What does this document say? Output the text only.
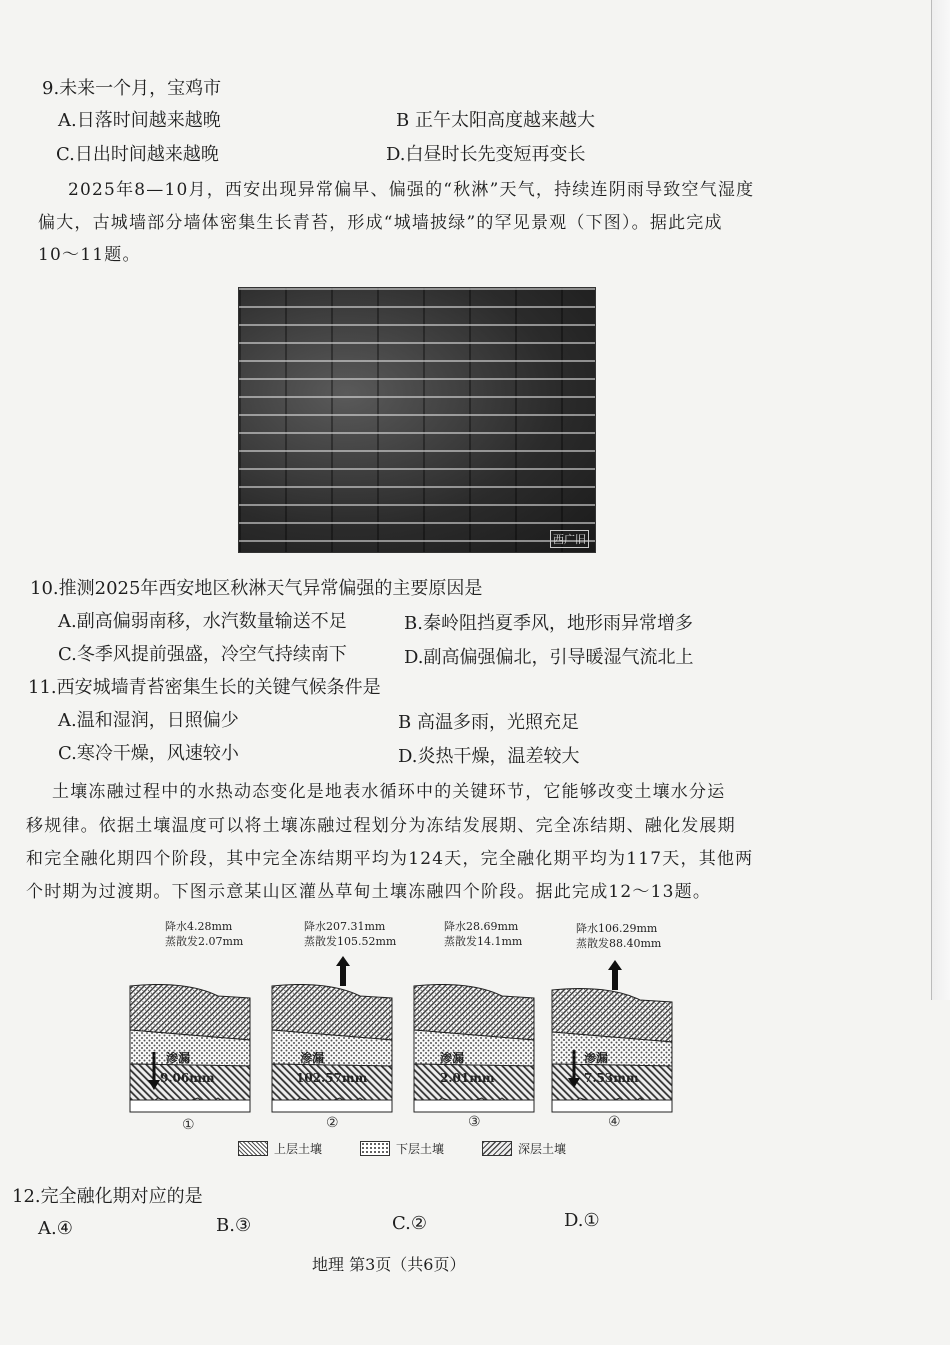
9.未来一个月，宝鸡市
A.日落时间越来越晚	B 正午太阳高度越来越大
C.日出时间越来越晚	D.白昼时长先变短再变长
2025年8—10月，西安出现异常偏早、偏强的“秋淋”天气，持续连阴雨导致空气湿度
偏大，古城墙部分墙体密集生长青苔，形成“城墙披绿”的罕见景观（下图）。据此完成
10～11题。
西广旧
10.推测2025年西安地区秋淋天气异常偏强的主要原因是
A.副高偏弱南移，水汽数量输送不足	B.秦岭阻挡夏季风，地形雨异常增多
C.冬季风提前强盛，冷空气持续南下	D.副高偏强偏北，引导暖湿气流北上
11.西安城墙青苔密集生长的关键气候条件是
A.温和湿润，日照偏少	B 高温多雨，光照充足
C.寒冷干燥，风速较小	D.炎热干燥，温差较大
土壤冻融过程中的水热动态变化是地表水循环中的关键环节，它能够改变土壤水分运
移规律。依据土壤温度可以将土壤冻融过程划分为冻结发展期、完全冻结期、融化发展期
和完全融化期四个阶段，其中完全冻结期平均为124天，完全融化期平均为117天，其他两
个时期为过渡期。下图示意某山区灌丛草甸土壤冻融四个阶段。据此完成12～13题。
降水4.28mm
蒸散发2.07mm
渗漏
9.06mm
①
降水207.31mm
蒸散发105.52mm
渗漏
102.57mm
②
降水28.69mm
蒸散发14.1mm
渗漏
2.01mm
③
降水106.29mm
蒸散发88.40mm
渗漏
7.53mm
④
上层土壤	下层土壤	深层土壤
12.完全融化期对应的是
A.④	B.③	C.②	D.①
地理 第3页（共6页）
